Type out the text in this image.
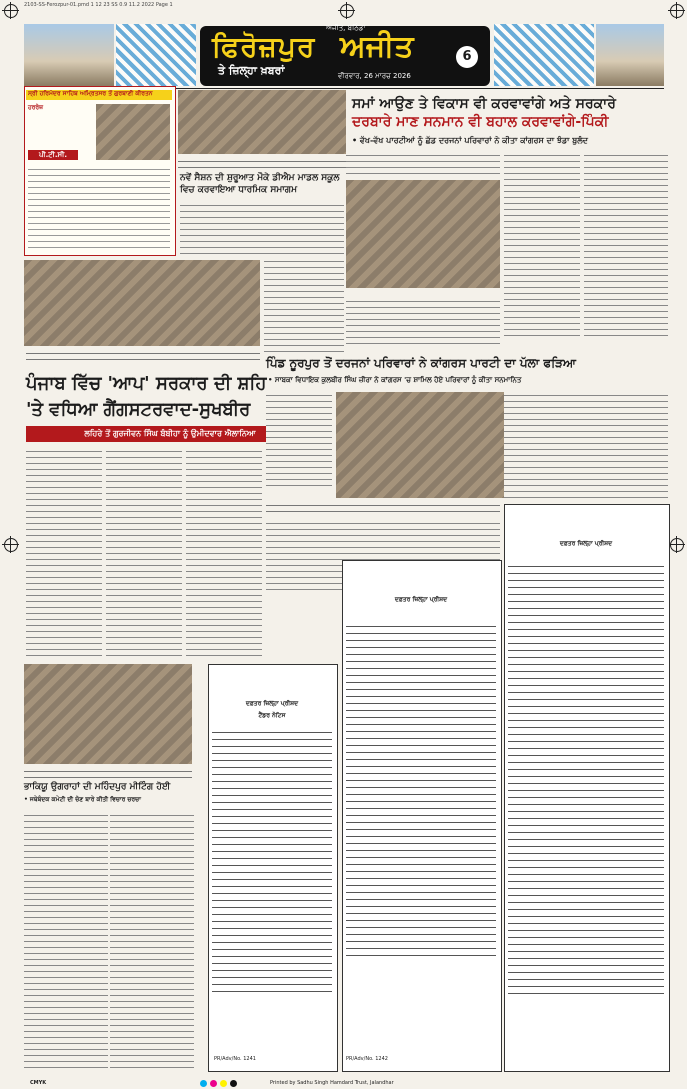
2103-SS-Ferozpur-01.pmd 1 12 23 SS 0.9 11.2 2022 Page 1
ਫਿਰੋਜ਼ਪੁਰ
ਅਜੀਤ, ਬਠਿੰਡਾ
ਅਜੀਤ
ਤੇ ਜ਼ਿਲ੍ਹਾ ਖ਼ਬਰਾਂ	ਵੀਰਵਾਰ, 26 ਮਾਰਚ 2026
6
ਸ੍ਰੀ ਹਰਿਮੰਦਰ ਸਾਹਿਬ ਅਮ੍ਰਿਤਸਰ ਤੋਂ ਗੁਰਬਾਣੀ ਕੀਰਤਨ
ਹਰਰੋਜ਼
ਪੀ.ਟੀ.ਸੀ.
ਨਵੇਂ ਸੈਸ਼ਨ ਦੀ ਸ਼ੁਰੂਆਤ ਮੌਕੇ ਡੀਐਮ ਮਾਡਲ ਸਕੂਲ ਵਿਚ ਕਰਵਾਇਆ ਧਾਰਮਿਕ ਸਮਾਗਮ
ਸਮਾਂ ਆਉਣ ਤੇ ਵਿਕਾਸ ਵੀ ਕਰਵਾਵਾਂਗੇ ਅਤੇ ਸਰਕਾਰੇ
ਦਰਬਾਰੇ ਮਾਣ ਸਨਮਾਨ ਵੀ ਬਹਾਲ ਕਰਵਾਵਾਂਗੇ-ਪਿੰਕੀ
• ਵੱਖ-ਵੱਖ ਪਾਰਟੀਆਂ ਨੂੰ ਛੱਡ ਦਰਜਨਾਂ ਪਰਿਵਾਰਾਂ ਨੇ ਕੀਤਾ ਕਾਂਗਰਸ ਦਾ ਝੰਡਾ ਬੁਲੰਦ
ਪੰਜਾਬ ਵਿੱਚ 'ਆਪ' ਸਰਕਾਰ ਦੀ ਸ਼ਹਿ
'ਤੇ ਵਧਿਆ ਗੈਂਗਸਟਰਵਾਦ-ਸੁਖਬੀਰ
ਲਹਿਰੇ ਤੋਂ ਗੁਰਜੀਵਨ ਸਿੰਘ ਬੰਬੀਹਾ ਨੂੰ ਉਮੀਦਵਾਰ ਐਲਾਨਿਆ
ਪਿੰਡ ਨੂਰਪੁਰ ਤੋਂ ਦਰਜਨਾਂ ਪਰਿਵਾਰਾਂ ਨੇ ਕਾਂਗਰਸ ਪਾਰਟੀ ਦਾ ਪੱਲਾ ਫੜਿਆ
• ਸਾਬਕਾ ਵਿਧਾਇਕ ਕੁਲਬੀਰ ਸਿੰਘ ਜ਼ੀਰਾ ਨੇ ਕਾਂਗਰਸ 'ਚ ਸ਼ਾਮਿਲ ਹੋਏ ਪਰਿਵਾਰਾਂ ਨੂੰ ਕੀਤਾ ਸਨਮਾਨਿਤ
ਭਾਕਿਯੂ ਉਗਰਾਹਾਂ ਦੀ ਮਹਿੰਦਪੁਰ ਮੀਟਿੰਗ ਹੋਈ
• ਜਥੇਬੰਦਕ ਕਮੇਟੀ ਦੀ ਚੋਣ ਬਾਰੇ ਕੀਤੀ ਵਿਚਾਰ ਚਰਚਾ
ਦਫ਼ਤਰ ਜ਼ਿਲ੍ਹਾ ਪ੍ਰੀਸ਼ਦ
ਟੈਂਡਰ ਨੋਟਿਸ
PR/Adv/No. 1241
ਦਫ਼ਤਰ ਜ਼ਿਲ੍ਹਾ ਪ੍ਰੀਸ਼ਦ
PR/Adv/No. 1242
ਦਫ਼ਤਰ ਜ਼ਿਲ੍ਹਾ ਪ੍ਰੀਸ਼ਦ
CMYK	Printed by Sadhu Singh Hamdard Trust, Jalandhar
